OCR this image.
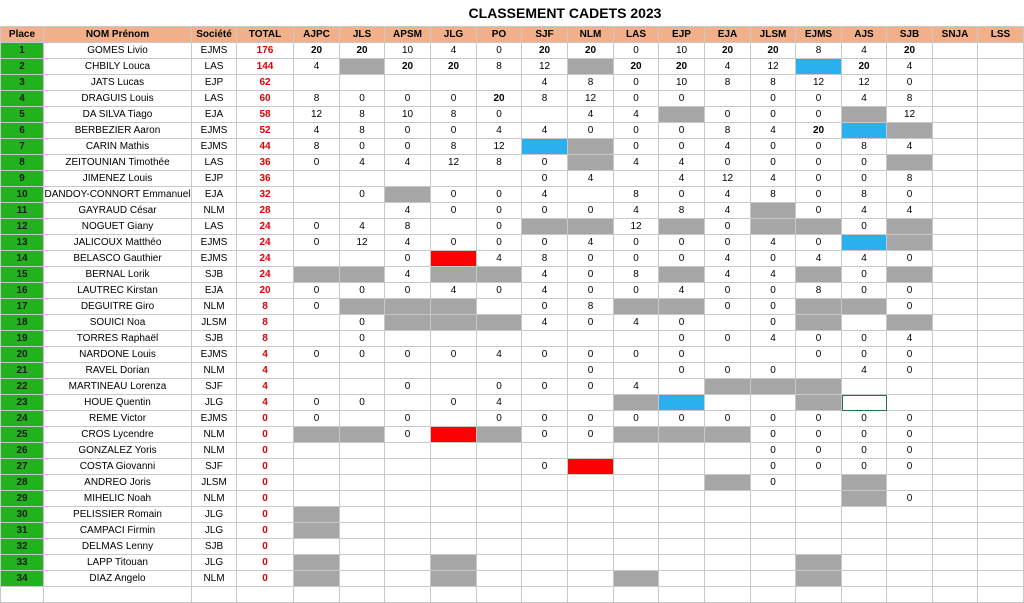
CLASSEMENT CADETS 2023
Place	NOM Prénom	Société	TOTAL	AJPC	JLS	APSM	JLG	PO	SJF	NLM	LAS	EJP	EJA	JLSM	EJMS	AJS	SJB	SNJA	LSS
1	GOMES Livio	EJMS	176	20	20	10	4	0	20	20	0	10	20	20	8	4	20		
2	CHBILY Louca	LAS	144	4		20	20	8	12		20	20	4	12		20	4		
3	JATS Lucas	EJP	62						4	8	0	10	8	8	12	12	0		
4	DRAGUIS Louis	LAS	60	8	0	0	0	20	8	12	0	0		0	0	4	8		
5	DA SILVA Tiago	EJA	58	12	8	10	8	0		4	4		0	0	0		12		
6	BERBEZIER Aaron	EJMS	52	4	8	0	0	4	4	0	0	0	8	4	20				
7	CARIN Mathis	EJMS	44	8	0	0	8	12			0	0	4	0	0	8	4		
8	ZEITOUNIAN Timothée	LAS	36	0	4	4	12	8	0		4	4	0	0	0	0			
9	JIMENEZ Louis	EJP	36						0	4		4	12	4	0	0	8		
10	DANDOY-CONNORT Emmanuel	EJA	32		0		0	0	4		8	0	4	8	0	8	0		
11	GAYRAUD César	NLM	28			4	0	0	0	0	4	8	4		0	4	4		
12	NOGUET Giany	LAS	24	0	4	8		0			12		0			0			
13	JALICOUX Matthéo	EJMS	24	0	12	4	0	0	0	4	0	0	0	4	0				
14	BELASCO Gauthier	EJMS	24			0		4	8	0	0	0	4	0	4	4	0		
15	BERNAL Lorik	SJB	24			4			4	0	8		4	4		0			
16	LAUTREC Kirstan	EJA	20	0	0	0	4	0	4	0	0	4	0	0	8	0	0		
17	DEGUITRE Giro	NLM	8	0					0	8			0	0			0		
18	SOUICI Noa	JLSM	8		0				4	0	4	0		0					
19	TORRES Raphaël	SJB	8		0							0	0	4	0	0	4		
20	NARDONE Louis	EJMS	4	0	0	0	0	4	0	0	0	0			0	0	0		
21	RAVEL Dorian	NLM	4							0		0	0	0		4	0		
22	MARTINEAU Lorenza	SJF	4			0		0	0	0	4								
23	HOUE Quentin	JLG	4	0	0		0	4											
24	REME Victor	EJMS	0	0		0		0	0	0	0	0	0	0	0	0	0		
25	CROS Lycendre	NLM	0			0			0	0				0	0	0	0		
26	GONZALEZ Yoris	NLM	0											0	0	0	0		
27	COSTA Giovanni	SJF	0						0					0	0	0	0		
28	ANDREO Joris	JLSM	0											0					
29	MIHELIC Noah	NLM	0														0		
30	PELISSIER Romain	JLG	0																
31	CAMPACI Firmin	JLG	0																
32	DELMAS Lenny	SJB	0																
33	LAPP Titouan	JLG	0																
34	DIAZ Angelo	NLM	0																
